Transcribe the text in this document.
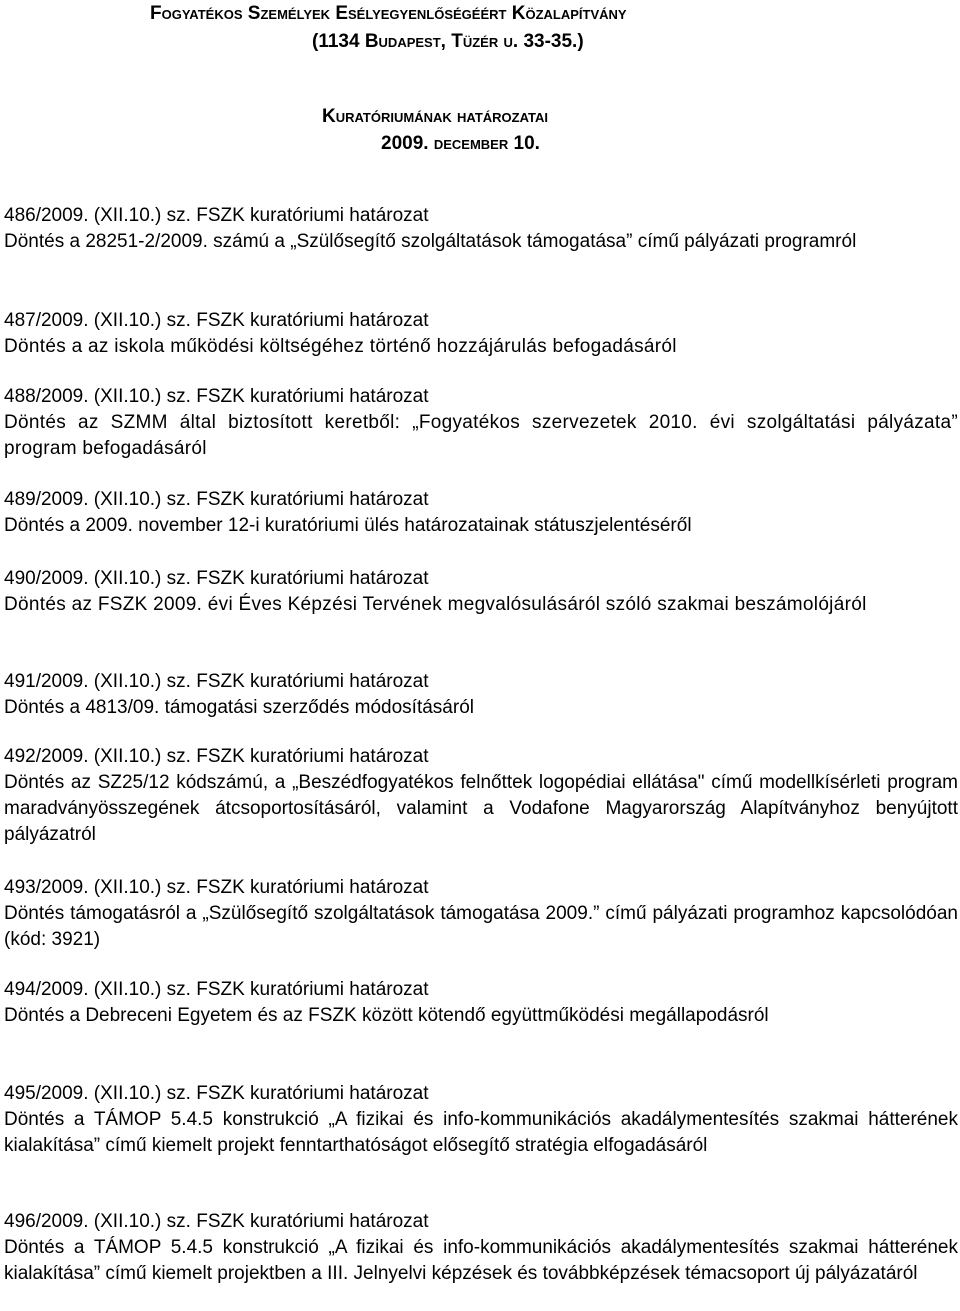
Fogyatékos Személyek Esélyegyenlőségéért Közalapítvány
(1134 Budapest, Tüzér u. 33-35.)
Kuratóriumának határozatai
2009. december 10.
486/2009. (XII.10.) sz. FSZK kuratóriumi határozat
Döntés a 28251-2/2009. számú a „Szülősegítő szolgáltatások támogatása” című pályázati programról
487/2009. (XII.10.) sz. FSZK kuratóriumi határozat
Döntés a az iskola működési költségéhez történő hozzájárulás befogadásáról
488/2009. (XII.10.) sz. FSZK kuratóriumi határozat
Döntés az SZMM által biztosított keretből: „Fogyatékos szervezetek 2010. évi szolgáltatási pályázata” program befogadásáról
489/2009. (XII.10.) sz. FSZK kuratóriumi határozat
Döntés a 2009. november 12-i kuratóriumi ülés határozatainak státuszjelentéséről
490/2009. (XII.10.) sz. FSZK kuratóriumi határozat
Döntés az FSZK 2009. évi Éves Képzési Tervének megvalósulásáról szóló szakmai beszámolójáról
491/2009. (XII.10.) sz. FSZK kuratóriumi határozat
Döntés a 4813/09. támogatási szerződés módosításáról
492/2009. (XII.10.) sz. FSZK kuratóriumi határozat
Döntés az SZ25/12 kódszámú, a „Beszédfogyatékos felnőttek logopédiai ellátása" című modellkísérleti program maradványösszegének átcsoportosításáról, valamint a Vodafone Magyarország Alapítványhoz benyújtott pályázatról
493/2009. (XII.10.) sz. FSZK kuratóriumi határozat
Döntés támogatásról a „Szülősegítő szolgáltatások támogatása 2009.” című pályázati programhoz kapcsolódóan (kód: 3921)
494/2009. (XII.10.) sz. FSZK kuratóriumi határozat
Döntés a Debreceni Egyetem és az FSZK között kötendő együttműködési megállapodásról
495/2009. (XII.10.) sz. FSZK kuratóriumi határozat
Döntés a TÁMOP 5.4.5 konstrukció „A fizikai és info-kommunikációs akadálymentesítés szakmai hátterének kialakítása” című kiemelt projekt fenntarthatóságot elősegítő stratégia elfogadásáról
496/2009. (XII.10.) sz. FSZK kuratóriumi határozat
Döntés a TÁMOP 5.4.5 konstrukció „A fizikai és info-kommunikációs akadálymentesítés szakmai hátterének kialakítása” című kiemelt projektben a III. Jelnyelvi képzések és továbbképzések témacsoport új pályázatáról
